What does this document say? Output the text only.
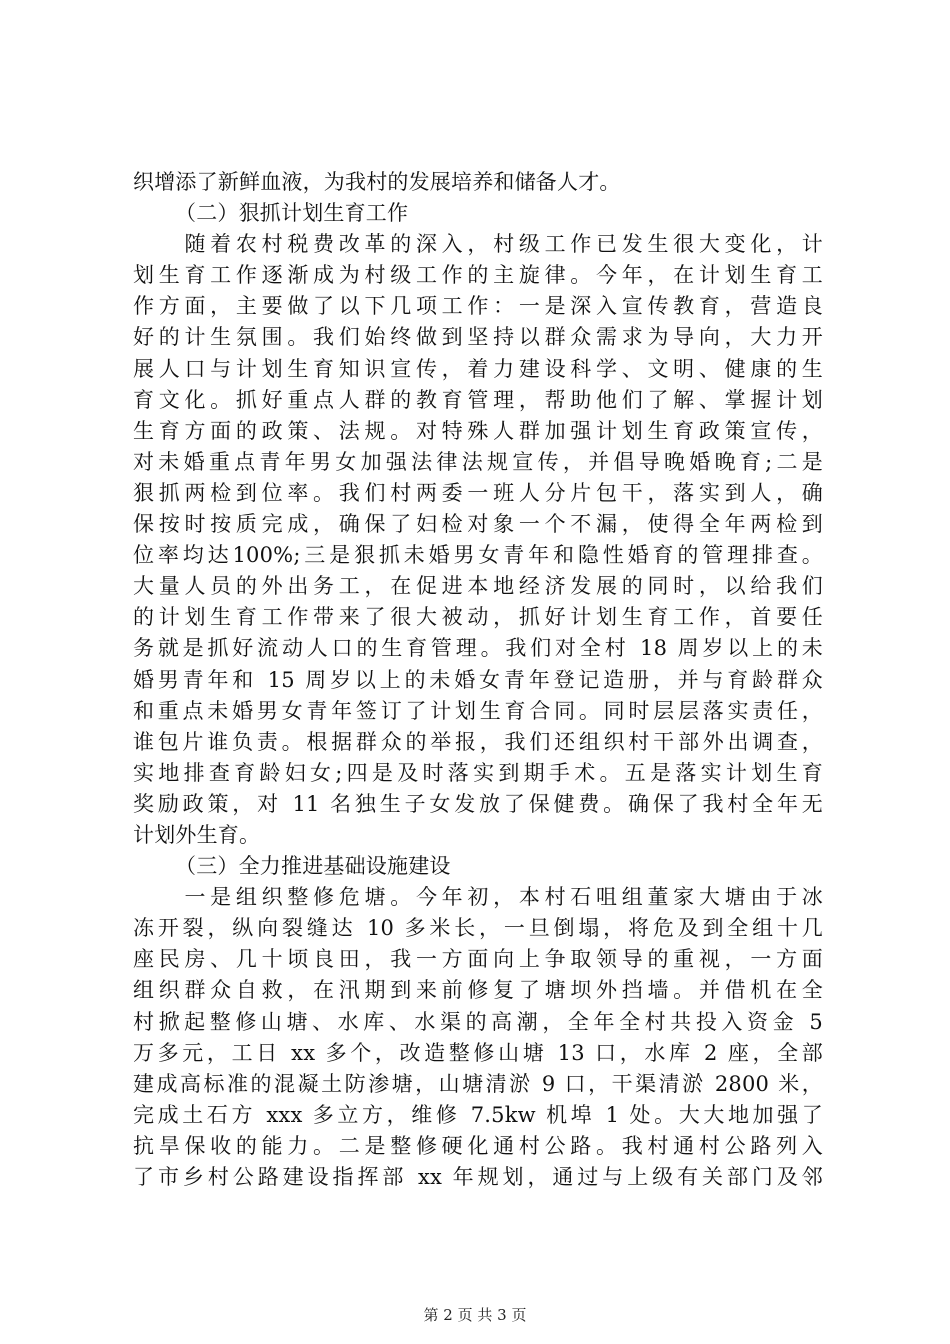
织增添了新鲜血液，为我村的发展培养和储备人才。
（二）狠抓计划生育工作
　　随着农村税费改革的深入，村级工作已发生很大变化，计
划生育工作逐渐成为村级工作的主旋律。今年，在计划生育工
作方面，主要做了以下几项工作：一是深入宣传教育，营造良
好的计生氛围。我们始终做到坚持以群众需求为导向，大力开
展人口与计划生育知识宣传，着力建设科学、文明、健康的生
育文化。抓好重点人群的教育管理，帮助他们了解、掌握计划
生育方面的政策、法规。对特殊人群加强计划生育政策宣传，
对未婚重点青年男女加强法律法规宣传，并倡导晚婚晚育;二是
狠抓两检到位率。我们村两委一班人分片包干，落实到人，确
保按时按质完成，确保了妇检对象一个不漏，使得全年两检到
位率均达100%;三是狠抓未婚男女青年和隐性婚育的管理排查。
大量人员的外出务工，在促进本地经济发展的同时，以给我们
的计划生育工作带来了很大被动，抓好计划生育工作，首要任
务就是抓好流动人口的生育管理。我们对全村 18 周岁以上的未
婚男青年和 15 周岁以上的未婚女青年登记造册，并与育龄群众
和重点未婚男女青年签订了计划生育合同。同时层层落实责任，
谁包片谁负责。根据群众的举报，我们还组织村干部外出调查，
实地排查育龄妇女;四是及时落实到期手术。五是落实计划生育
奖励政策，对 11 名独生子女发放了保健费。确保了我村全年无
计划外生育。
（三）全力推进基础设施建设
　　一是组织整修危塘。今年初，本村石咀组董家大塘由于冰
冻开裂，纵向裂缝达 10 多米长，一旦倒塌，将危及到全组十几
座民房、几十顷良田，我一方面向上争取领导的重视，一方面
组织群众自救，在汛期到来前修复了塘坝外挡墙。并借机在全
村掀起整修山塘、水库、水渠的高潮，全年全村共投入资金 5
万多元，工日 xx 多个，改造整修山塘 13 口，水库 2 座，全部
建成高标准的混凝土防渗塘，山塘清淤 9 口，干渠清淤 2800 米，
完成土石方 xxx 多立方，维修 7.5kw 机埠 1 处。大大地加强了
抗旱保收的能力。二是整修硬化通村公路。我村通村公路列入
了市乡村公路建设指挥部 xx 年规划，通过与上级有关部门及邻
第 2 页 共 3 页
